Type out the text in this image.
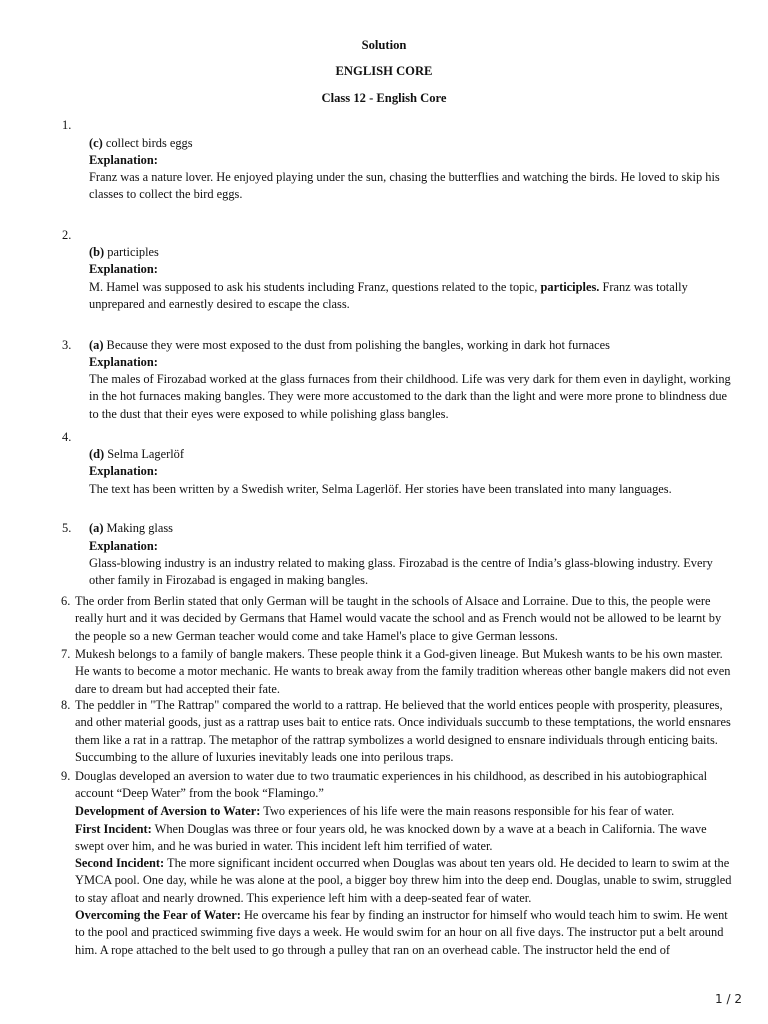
Solution
ENGLISH CORE
Class 12 - English Core
1.
(c) collect birds eggs
Explanation:
Franz was a nature lover. He enjoyed playing under the sun, chasing the butterflies and watching the birds. He loved to skip his classes to collect the bird eggs.
2.
(b) participles
Explanation:
M. Hamel was supposed to ask his students including Franz, questions related to the topic, participles. Franz was totally unprepared and earnestly desired to escape the class.
3. (a) Because they were most exposed to the dust from polishing the bangles, working in dark hot furnaces
Explanation:
The males of Firozabad worked at the glass furnaces from their childhood. Life was very dark for them even in daylight, working in the hot furnaces making bangles. They were more accustomed to the dark than the light and were more prone to blindness due to the dust that their eyes were exposed to while polishing glass bangles.
4.
(d) Selma Lagerlöf
Explanation:
The text has been written by a Swedish writer, Selma Lagerlöf. Her stories have been translated into many languages.
5. (a) Making glass
Explanation:
Glass-blowing industry is an industry related to making glass. Firozabad is the centre of India’s glass-blowing industry. Every other family in Firozabad is engaged in making bangles.
6. The order from Berlin stated that only German will be taught in the schools of Alsace and Lorraine. Due to this, the people were really hurt and it was decided by Germans that Hamel would vacate the school and as French would not be allowed to be learnt by the people so a new German teacher would come and take Hamel's place to give German lessons.
7. Mukesh belongs to a family of bangle makers. These people think it a God-given lineage. But Mukesh wants to be his own master. He wants to become a motor mechanic. He wants to break away from the family tradition whereas other bangle makers did not even dare to dream but had accepted their fate.
8. The peddler in "The Rattrap" compared the world to a rattrap. He believed that the world entices people with prosperity, pleasures, and other material goods, just as a rattrap uses bait to entice rats. Once individuals succumb to these temptations, the world ensnares them like a rat in a rattrap. The metaphor of the rattrap symbolizes a world designed to ensnare individuals through enticing baits. Succumbing to the allure of luxuries inevitably leads one into perilous traps.
9. Douglas developed an aversion to water due to two traumatic experiences in his childhood, as described in his autobiographical account “Deep Water” from the book “Flamingo.”
Development of Aversion to Water: Two experiences of his life were the main reasons responsible for his fear of water.
First Incident: When Douglas was three or four years old, he was knocked down by a wave at a beach in California. The wave swept over him, and he was buried in water. This incident left him terrified of water.
Second Incident: The more significant incident occurred when Douglas was about ten years old. He decided to learn to swim at the YMCA pool. One day, while he was alone at the pool, a bigger boy threw him into the deep end. Douglas, unable to swim, struggled to stay afloat and nearly drowned. This experience left him with a deep-seated fear of water.
Overcoming the Fear of Water: He overcame his fear by finding an instructor for himself who would teach him to swim. He went to the pool and practiced swimming five days a week. He would swim for an hour on all five days. The instructor put a belt around him. A rope attached to the belt used to go through a pulley that ran on an overhead cable. The instructor held the end of
1 / 2
